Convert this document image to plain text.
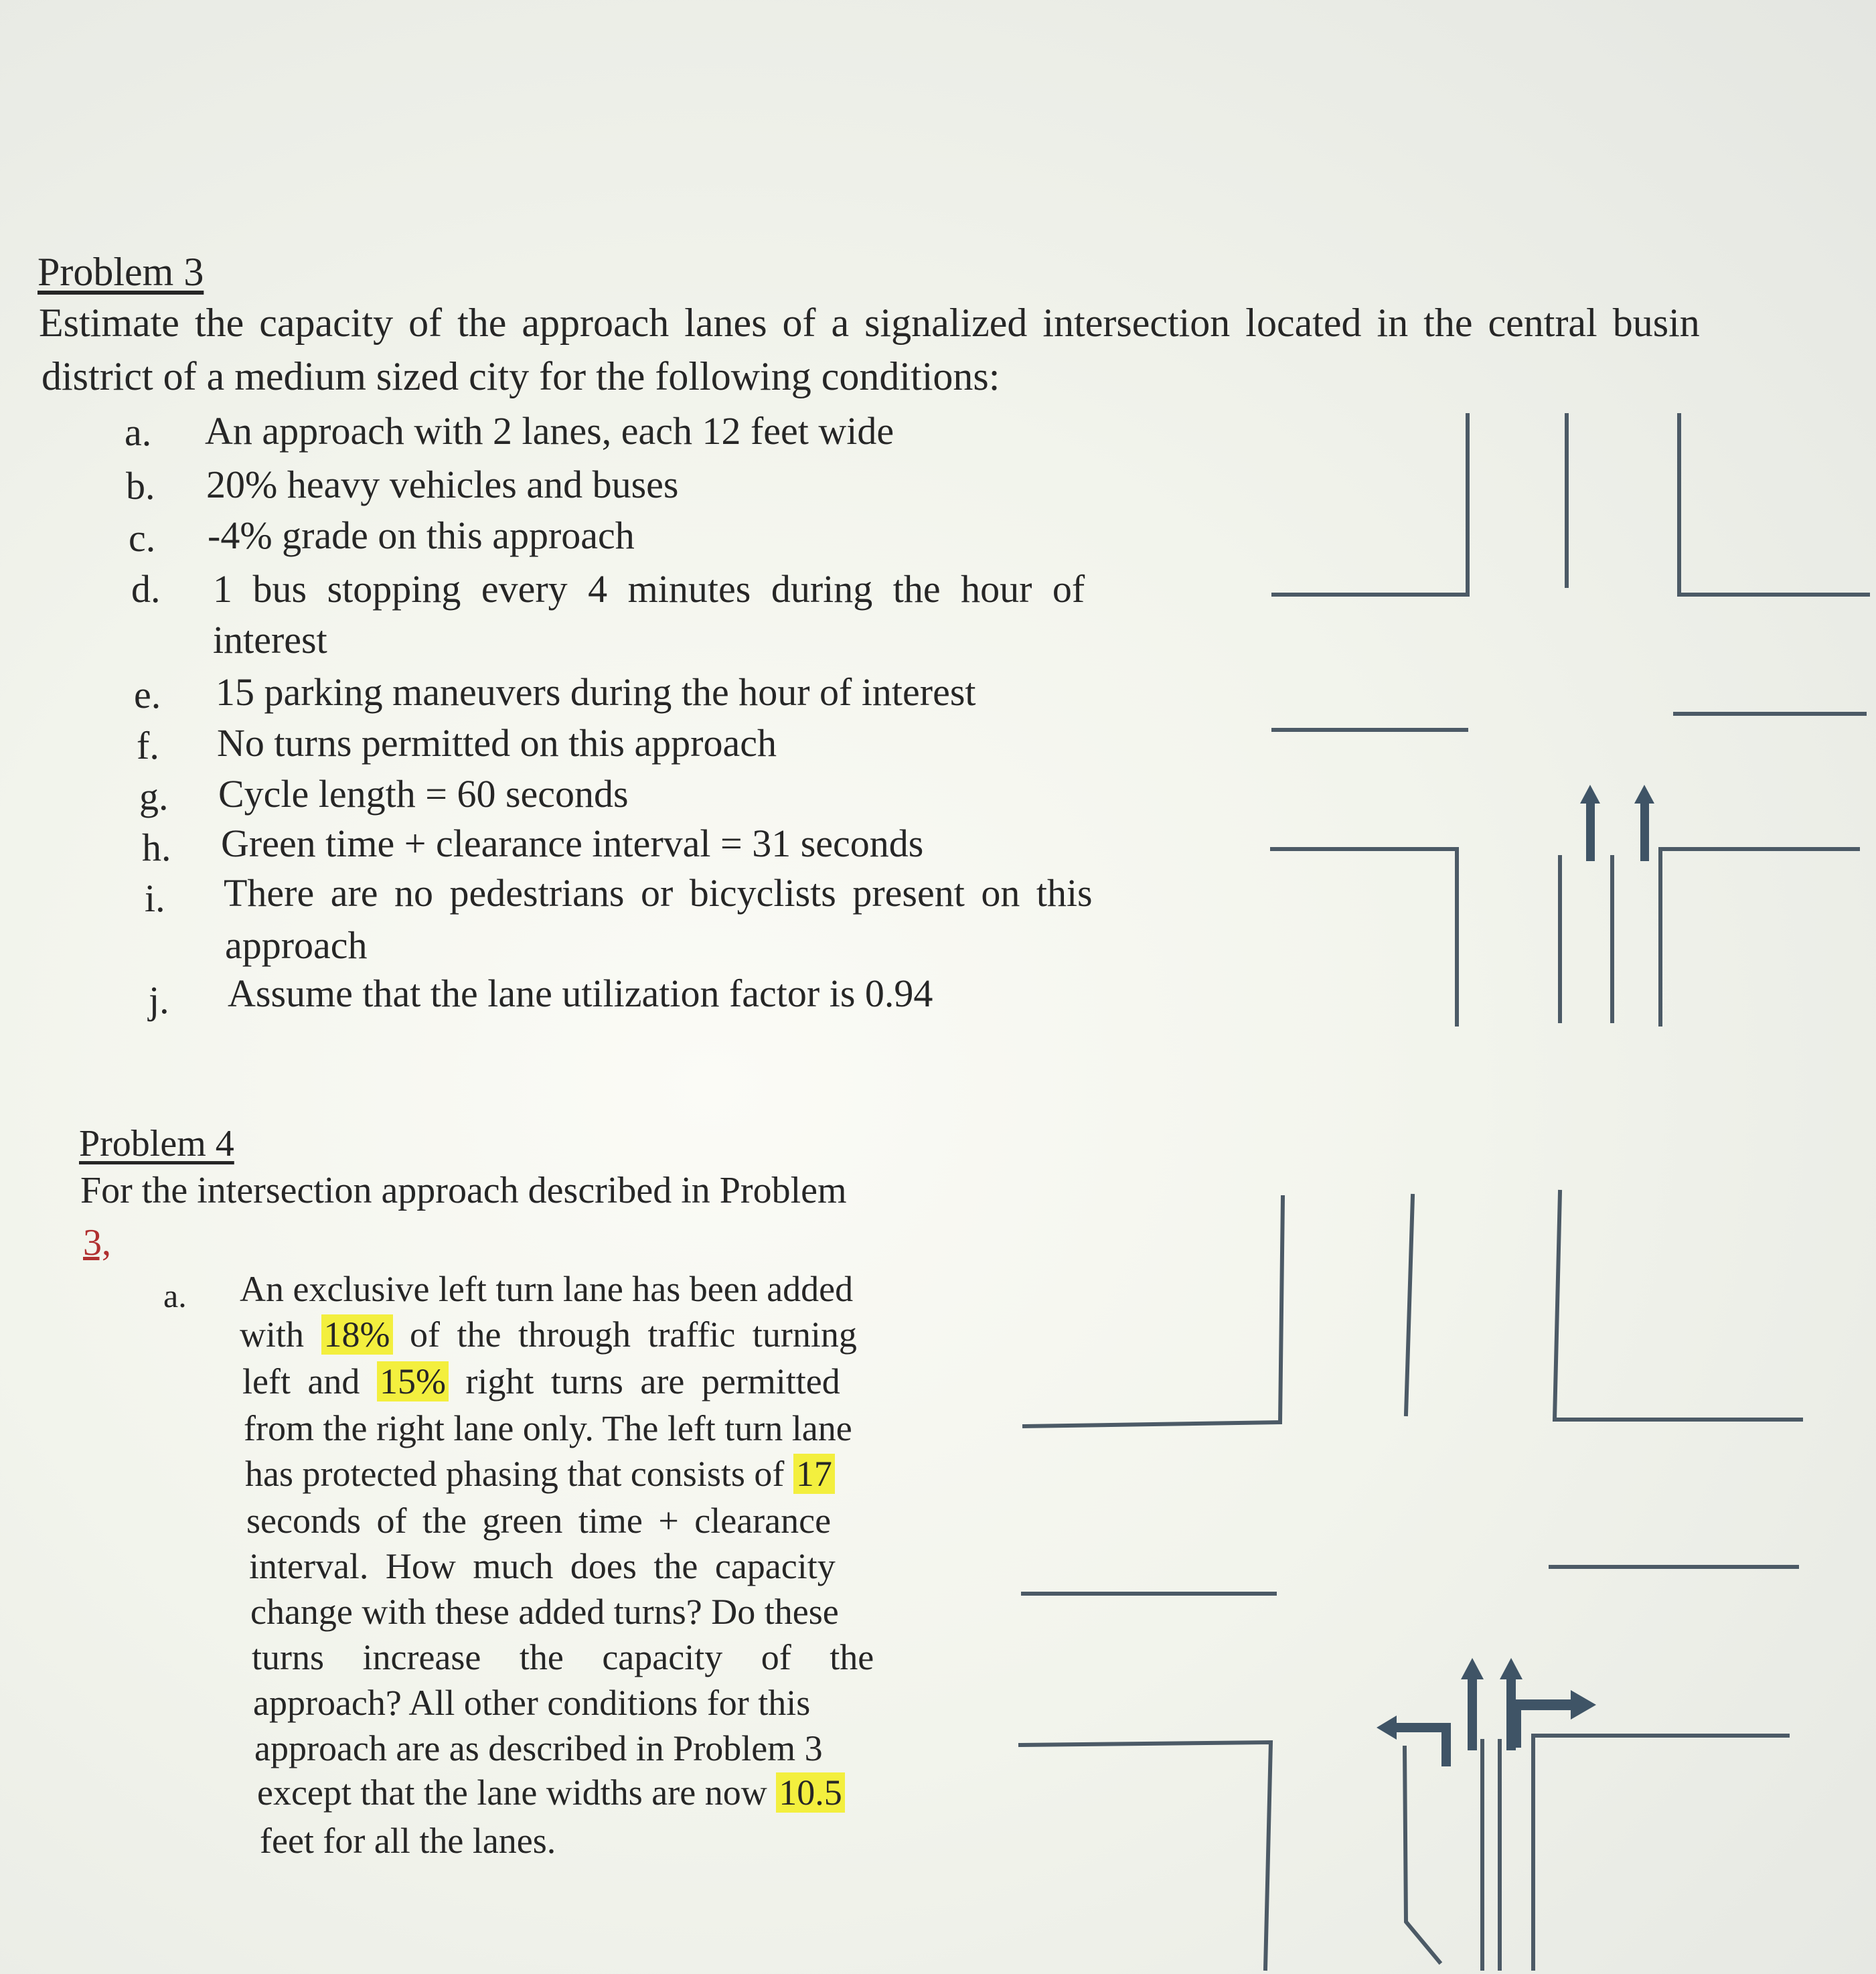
Problem 3
Estimate the capacity of the approach lanes of a signalized intersection located in the central busin
district of a medium sized city for the following conditions:
a. An approach with 2 lanes, each 12 feet wide
b. 20% heavy vehicles and buses
c. -4% grade on this approach
d. 1 bus stopping every 4 minutes during the hour of
interest
e. 15 parking maneuvers during the hour of interest
f. No turns permitted on this approach
g. Cycle length = 60 seconds
h. Green time + clearance interval = 31 seconds
i. There are no pedestrians or bicyclists present on this
approach
j. Assume that the lane utilization factor is 0.94
Problem 4
For the intersection approach described in Problem
3,
a. An exclusive left turn lane has been added
with 18% of the through traffic turning
left and 15% right turns are permitted
from the right lane only. The left turn lane
has protected phasing that consists of 17
seconds of the green time + clearance
interval. How much does the capacity
change with these added turns? Do these
turns increase the capacity of the
approach? All other conditions for this
approach are as described in Problem 3
except that the lane widths are now 10.5
feet for all the lanes.
